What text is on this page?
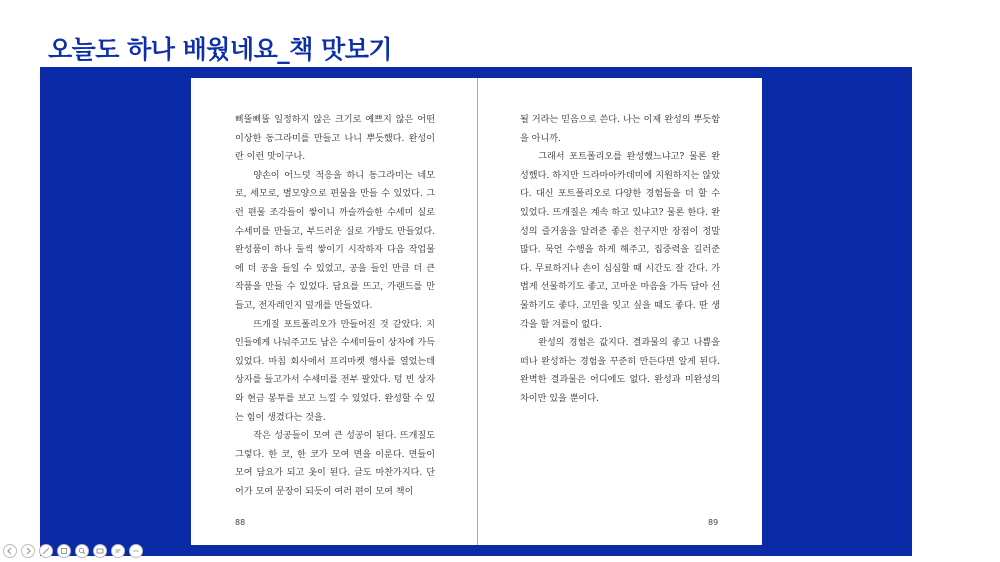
오늘도 하나 배웠네요_책 맛보기

삐뚤삐뚤 일정하지 않은 크기로 예쁘지 않은 어떤 이상한 동그라미를 만들고 나니 뿌듯했다. 완성이란 이런 맛이구나.

양손이 어느덧 적응을 하니 동그라미는 네모로, 세모로, 별모양으로 편물을 만들 수 있었다. 그런 편물 조각들이 쌓이니 까슬까슬한 수세미 실로 수세미를 만들고, 부드러운 실로 가방도 만들었다. 완성품이 하나 둘씩 쌓이기 시작하자 다음 작업물에 더 공을 들일 수 있었고, 공을 들인 만큼 더 큰 작품을 만들 수 있었다. 담요를 뜨고, 가랜드를 만들고, 전자레인지 덮개를 만들었다.

뜨개질 포트폴리오가 만들어진 것 같았다. 지인들에게 나눠주고도 남은 수세미들이 상자에 가득 있었다. 마침 회사에서 프리마켓 행사를 열었는데 상자를 들고가서 수세미를 전부 팔았다. 텅 빈 상자와 현금 봉투를 보고 느낄 수 있었다. 완성할 수 있는 힘이 생겼다는 것을.

작은 성공들이 모여 큰 성공이 된다. 뜨개질도 그렇다. 한 코, 한 코가 모여 면을 이룬다. 면들이 모여 담요가 되고 옷이 된다. 글도 마찬가지다. 단어가 모여 문장이 되듯이 여러 편이 모여 책이

88

될 거라는 믿음으로 쓴다. 나는 이제 완성의 뿌듯함을 아니까.

그래서 포트폴리오를 완성했느냐고? 물론 완성했다. 하지만 드라마아카데미에 지원하지는 않았다. 대신 포트폴리오로 다양한 경험들을 더 할 수 있었다. 뜨개질은 계속 하고 있냐고? 물론 한다. 완성의 즐거움을 알려준 좋은 친구지만 장점이 정말 많다. 묵언 수행을 하게 해주고, 집중력을 길러준다. 무료하거나 손이 심심할 때 시간도 잘 간다. 가볍게 선물하기도 좋고, 고마운 마음을 가득 담아 선물하기도 좋다. 고민을 잊고 싶을 때도 좋다. 딴 생각을 할 겨를이 없다.

완성의 경험은 값지다. 결과물의 좋고 나쁨을 떠나 완성하는 경험을 꾸준히 만든다면 알게 된다. 완벽한 결과물은 어디에도 없다. 완성과 미완성의 차이만 있을 뿐이다.

89
